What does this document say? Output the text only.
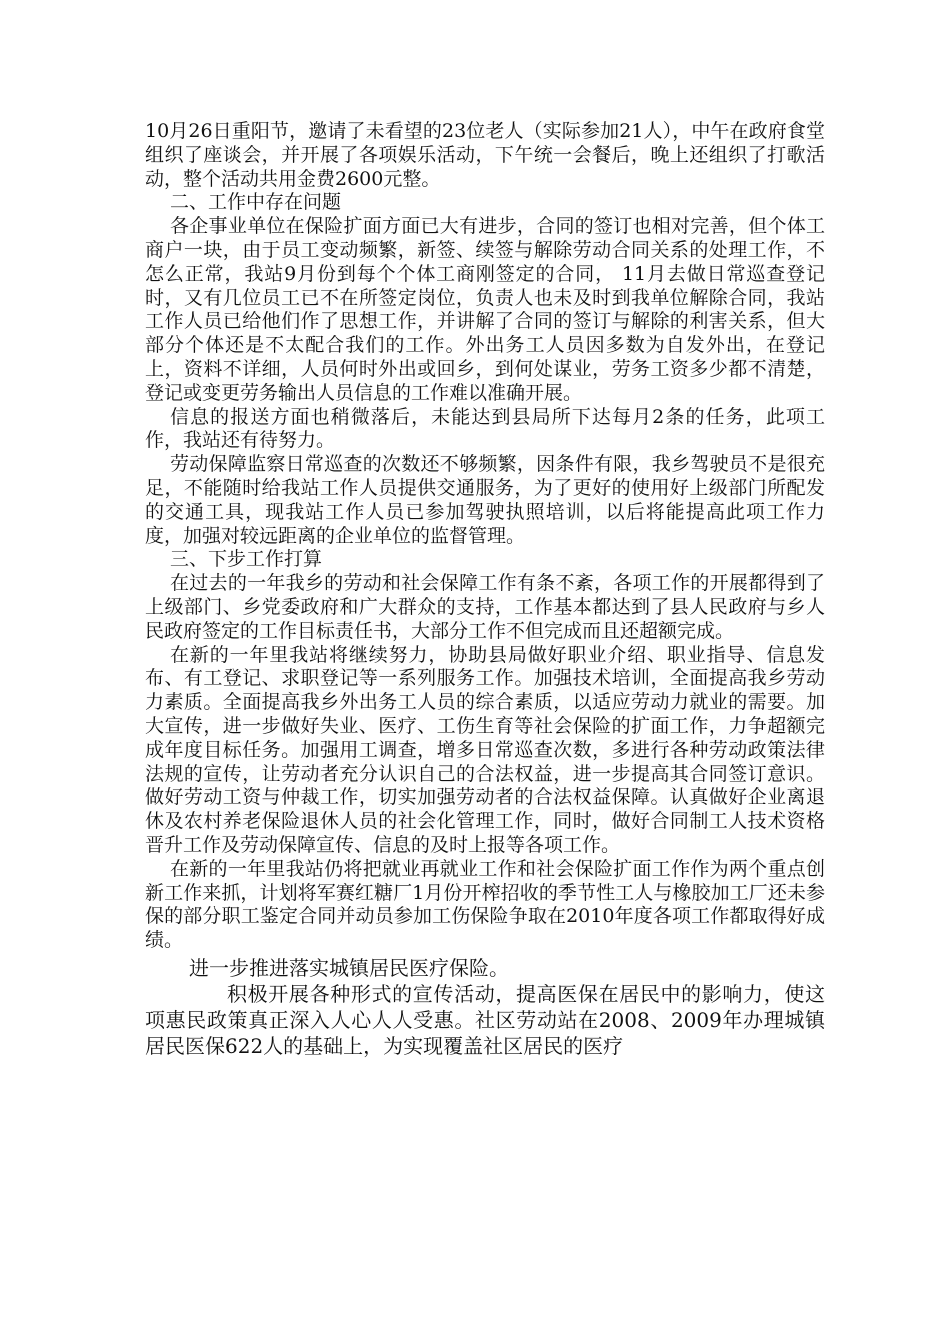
10月26日重阳节，邀请了未看望的23位老人（实际参加21人），中午在政府食堂组织了座谈会，并开展了各项娱乐活动，下午统一会餐后，晚上还组织了打歌活动，整个活动共用金费2600元整。

二、工作中存在问题

各企事业单位在保险扩面方面已大有进步，合同的签订也相对完善，但个体工商户一块，由于员工变动频繁，新签、续签与解除劳动合同关系的处理工作，不怎么正常，我站9月份到每个个体工商刚签定的合同， 11月去做日常巡查登记时，又有几位员工已不在所签定岗位，负责人也未及时到我单位解除合同，我站工作人员已给他们作了思想工作，并讲解了合同的签订与解除的利害关系，但大部分个体还是不太配合我们的工作。外出务工人员因多数为自发外出，在登记上，资料不详细，人员何时外出或回乡，到何处谋业，劳务工资多少都不清楚，登记或变更劳务输出人员信息的工作难以准确开展。

信息的报送方面也稍微落后，未能达到县局所下达每月2条的任务，此项工作，我站还有待努力。

劳动保障监察日常巡查的次数还不够频繁，因条件有限，我乡驾驶员不是很充足，不能随时给我站工作人员提供交通服务，为了更好的使用好上级部门所配发的交通工具，现我站工作人员已参加驾驶执照培训，以后将能提高此项工作力度，加强对较远距离的企业单位的监督管理。

三、下步工作打算

在过去的一年我乡的劳动和社会保障工作有条不紊，各项工作的开展都得到了上级部门、乡党委政府和广大群众的支持，工作基本都达到了县人民政府与乡人民政府签定的工作目标责任书，大部分工作不但完成而且还超额完成。

在新的一年里我站将继续努力，协助县局做好职业介绍、职业指导、信息发布、有工登记、求职登记等一系列服务工作。加强技术培训，全面提高我乡劳动力素质。全面提高我乡外出务工人员的综合素质，以适应劳动力就业的需要。加大宣传，进一步做好失业、医疗、工伤生育等社会保险的扩面工作，力争超额完成年度目标任务。加强用工调查，增多日常巡查次数，多进行各种劳动政策法律法规的宣传，让劳动者充分认识自己的合法权益，进一步提高其合同签订意识。做好劳动工资与仲裁工作，切实加强劳动者的合法权益保障。认真做好企业离退休及农村养老保险退休人员的社会化管理工作，同时，做好合同制工人技术资格晋升工作及劳动保障宣传、信息的及时上报等各项工作。

在新的一年里我站仍将把就业再就业工作和社会保险扩面工作作为两个重点创新工作来抓，计划将军赛红糖厂1月份开榨招收的季节性工人与橡胶加工厂还未参保的部分职工鉴定合同并动员参加工伤保险争取在2010年度各项工作都取得好成绩。

进一步推进落实城镇居民医疗保险。

积极开展各种形式的宣传活动，提高医保在居民中的影响力，使这项惠民政策真正深入人心人人受惠。社区劳动站在2008、2009年办理城镇居民医保622人的基础上，为实现覆盖社区居民的医疗
